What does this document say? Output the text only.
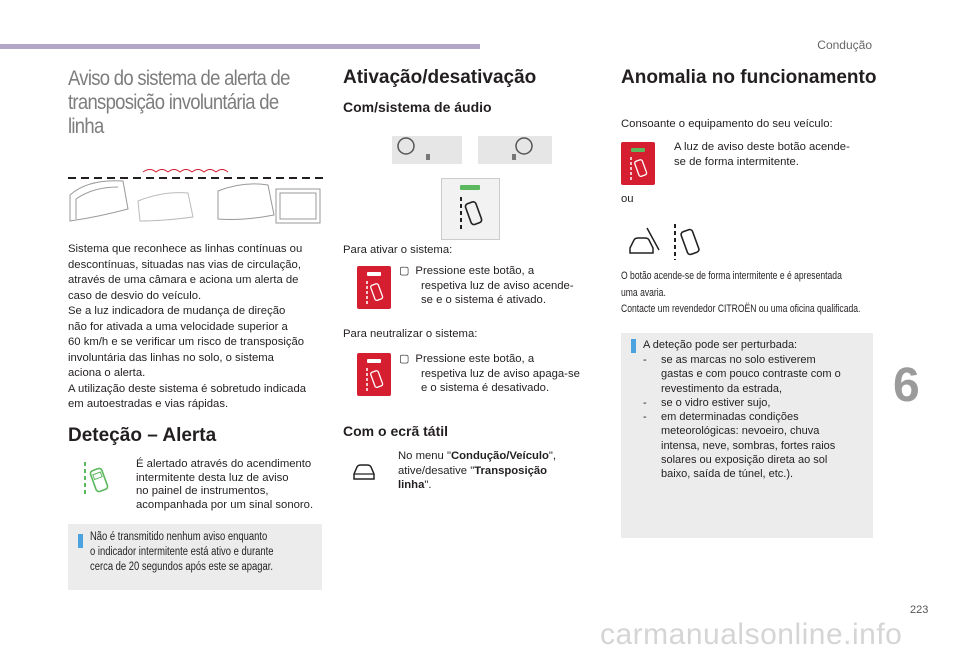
Condução
6
223
carmanualsonline.info
Aviso do sistema de alerta de transposição involuntária de linha
Sistema que reconhece as linhas contínuas ou
descontínuas, situadas nas vias de circulação,
através de uma câmara e aciona um alerta de
caso de desvio do veículo.
Se a luz indicadora de mudança de direção
não for ativada a uma velocidade superior a
60 km/h e se verificar um risco de transposição
involuntária das linhas no solo, o sistema
aciona o alerta.
A utilização deste sistema é sobretudo indicada
em autoestradas e vias rápidas.
Deteção – Alerta
É alertado através do acendimento
intermitente desta luz de aviso
no painel de instrumentos,
acompanhada por um sinal sonoro.
Não é transmitido nenhum aviso enquanto
o indicador intermitente está ativo e durante
cerca de 20 segundos após este se apagar.
Ativação/desativação
Com/sistema de áudio
Para ativar o sistema:
▢ Pressione este botão, a
respetiva luz de aviso acende-
se e o sistema é ativado.
Para neutralizar o sistema:
▢ Pressione este botão, a
respetiva luz de aviso apaga-se
e o sistema é desativado.
Com o ecrã tátil
No menu "Condução/Veículo",
ative/desative "Transposição
linha".
Anomalia no funcionamento
Consoante o equipamento do seu veículo:
A luz de aviso deste botão acende-
se de forma intermitente.
ou
O botão acende-se de forma intermitente e é apresentada
uma avaria.
Contacte um revendedor CITROËN ou uma oficina qualificada.
A deteção pode ser perturbada:
- se as marcas no solo estiverem
gastas e com pouco contraste com o
revestimento da estrada,
- se o vidro estiver sujo,
- em determinadas condições
meteorológicas: nevoeiro, chuva
intensa, neve, sombras, fortes raios
solares ou exposição direta ao sol
baixo, saída de túnel, etc.).
